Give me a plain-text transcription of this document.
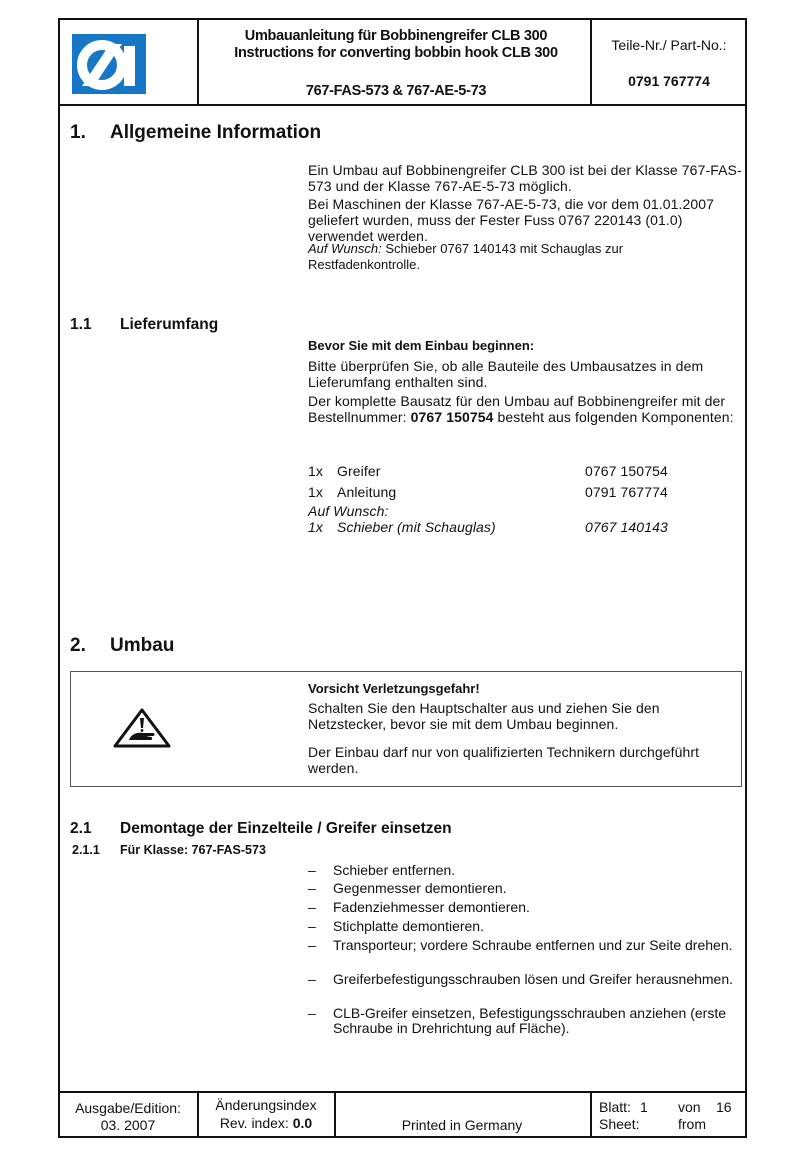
Umbauanleitung für Bobbinengreifer CLB 300
Instructions for converting bobbin hook CLB 300
767-FAS-573 & 767-AE-5-73
Teile-Nr./ Part-No.:
0791 767774
1. Allgemeine Information
Ein Umbau auf Bobbinengreifer CLB 300 ist bei der Klasse 767-FAS-573 und der Klasse 767-AE-5-73 möglich.
Bei Maschinen der Klasse 767-AE-5-73, die vor dem 01.01.2007 geliefert wurden, muss der Fester Fuss 0767 220143 (01.0) verwendet werden.
Auf Wunsch: Schieber 0767 140143 mit Schauglas zur Restfadenkontrolle.
1.1 Lieferumfang
Bevor Sie mit dem Einbau beginnen:
Bitte überprüfen Sie, ob alle Bauteile des Umbausatzes in dem Lieferumfang enthalten sind.
Der komplette Bausatz für den Umbau auf Bobbinengreifer mit der Bestellnummer: 0767 150754 besteht aus folgenden Komponenten:
1x Greifer	0767 150754
1x Anleitung	0791 767774
Auf Wunsch:
1x Schieber (mit Schauglas)	0767 140143
2. Umbau
Vorsicht Verletzungsgefahr!
Schalten Sie den Hauptschalter aus und ziehen Sie den Netzstecker, bevor sie mit dem Umbau beginnen.
Der Einbau darf nur von qualifizierten Technikern durchgeführt werden.
2.1 Demontage der Einzelteile / Greifer einsetzen
2.1.1 Für Klasse: 767-FAS-573
– Schieber entfernen.
– Gegenmesser demontieren.
– Fadenziehmesser demontieren.
– Stichplatte demontieren.
– Transporteur; vordere Schraube entfernen und zur Seite drehen.
– Greiferbefestigungsschrauben lösen und Greifer herausnehmen.
– CLB-Greifer einsetzen, Befestigungsschrauben anziehen (erste Schraube in Drehrichtung auf Fläche).
Ausgabe/Edition:
03. 2007
Änderungsindex
Rev. index: 0.0	Printed in Germany
Blatt: 1 von 16
Sheet:	from
